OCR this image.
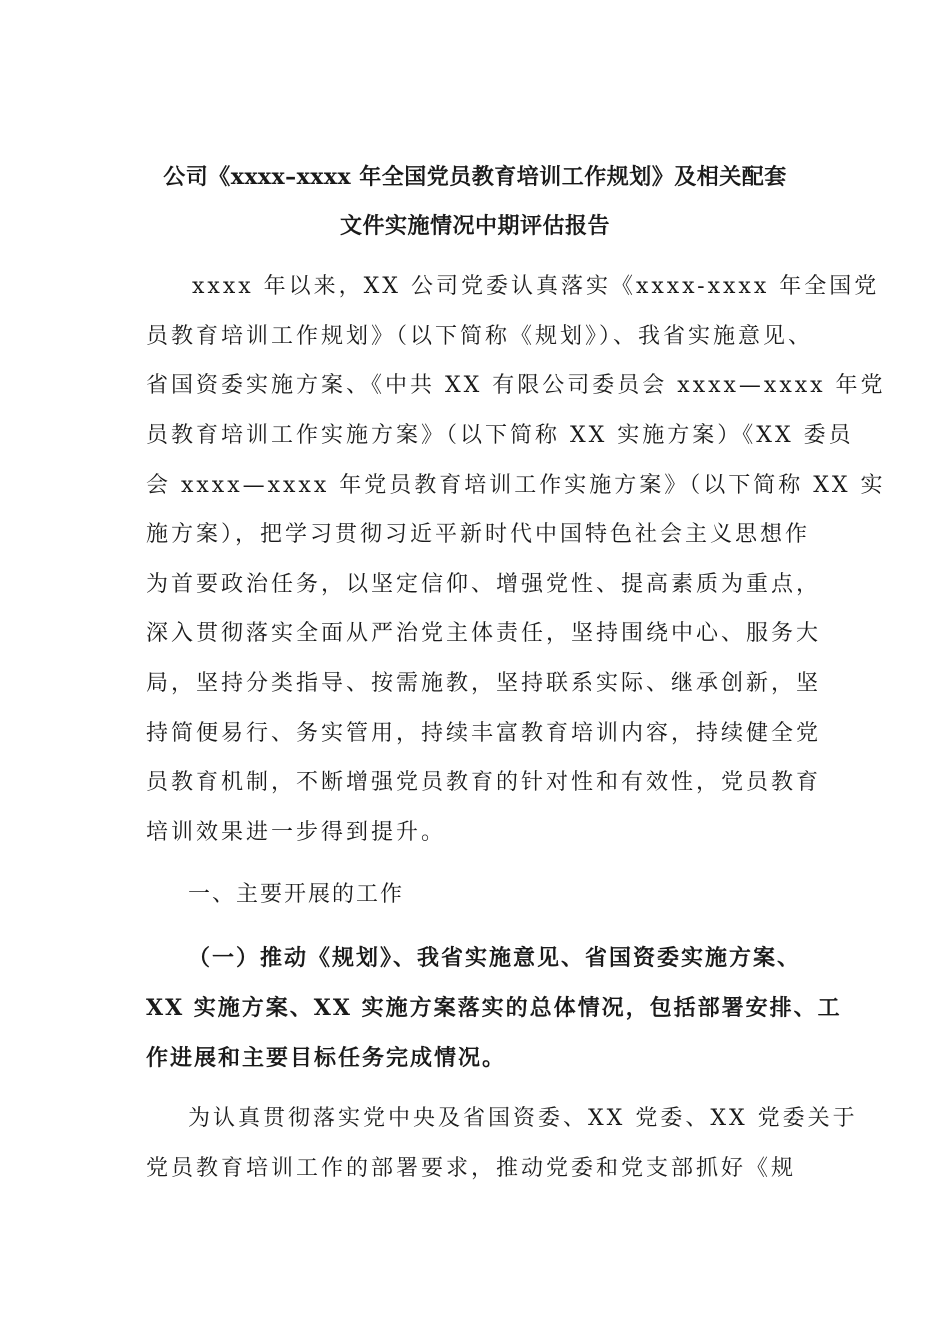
公司《xxxx–xxxx 年全国党员教育培训工作规划》及相关配套
文件实施情况中期评估报告
xxxx 年以来，XX 公司党委认真落实《xxxx-xxxx 年全国党
员教育培训工作规划》（以下简称《规划》）、我省实施意见、
省国资委实施方案、《中共 XX 有限公司委员会 xxxx—xxxx 年党
员教育培训工作实施方案》（以下简称 XX 实施方案）《XX 委员
会 xxxx—xxxx 年党员教育培训工作实施方案》（以下简称 XX 实
施方案），把学习贯彻习近平新时代中国特色社会主义思想作
为首要政治任务，以坚定信仰、增强党性、提高素质为重点，
深入贯彻落实全面从严治党主体责任，坚持围绕中心、服务大
局，坚持分类指导、按需施教，坚持联系实际、继承创新，坚
持简便易行、务实管用，持续丰富教育培训内容，持续健全党
员教育机制，不断增强党员教育的针对性和有效性，党员教育
培训效果进一步得到提升。
一、主要开展的工作
（一）推动《规划》、我省实施意见、省国资委实施方案、
XX 实施方案、XX 实施方案落实的总体情况，包括部署安排、工
作进展和主要目标任务完成情况。
为认真贯彻落实党中央及省国资委、XX 党委、XX 党委关于
党员教育培训工作的部署要求，推动党委和党支部抓好《规
